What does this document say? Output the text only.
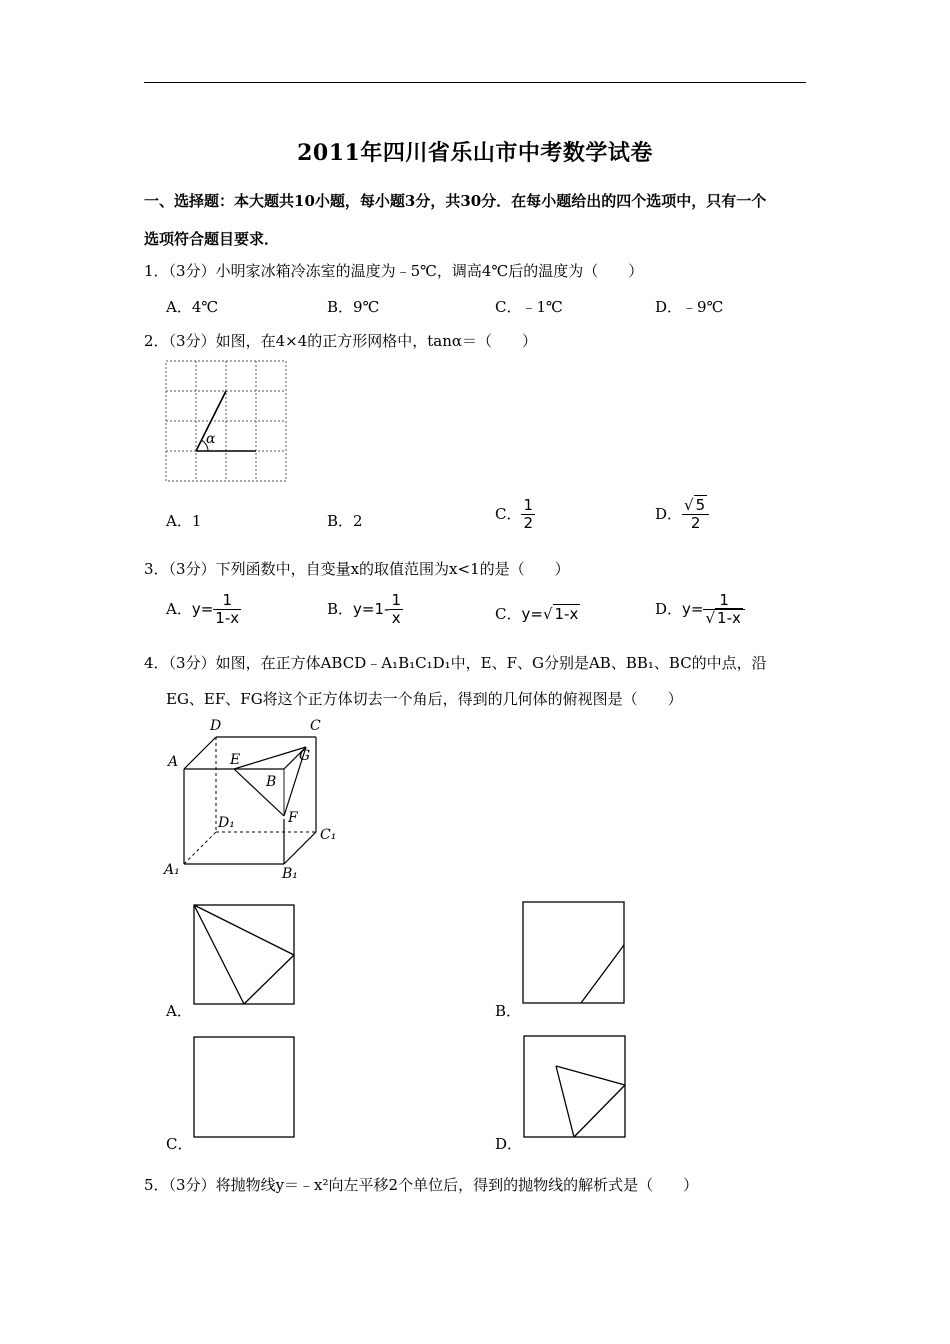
2011年四川省乐山市中考数学试卷
一、选择题：本大题共10小题，每小题3分，共30分．在每小题给出的四个选项中，只有一个
选项符合题目要求．
1．（3分）小明家冰箱冷冻室的温度为﹣5℃，调高4℃后的温度为（　　）
A．4℃	B．9℃	C．﹣1℃	D．﹣9℃
2．（3分）如图，在4×4的正方形网格中，tanα＝（　　）
α
A．1	B．2	C． $\frac{1}{2}$	D． $\frac{√ 5}{2}$
3．（3分）下列函数中，自变量x的取值范围为x<1的是（　　）
A．$y= \frac{1}{1-x}$	B．$y=1- \frac{1}{x}$	C．y=√ 1-x	D．$y= \frac{1}{√ 1-x}$
4．（3分）如图，在正方体ABCD﹣A₁B₁C₁D₁中，E、F、G分别是AB、BB₁、BC的中点，沿
EG、EF、FG将这个正方体切去一个角后，得到的几何体的俯视图是（　　）
D	C
A	E	G
B
F
D₁
C₁
A₁	B₁
A．	B．
C．	D．
5．（3分）将抛物线y＝﹣x²向左平移2个单位后，得到的抛物线的解析式是（　　）
